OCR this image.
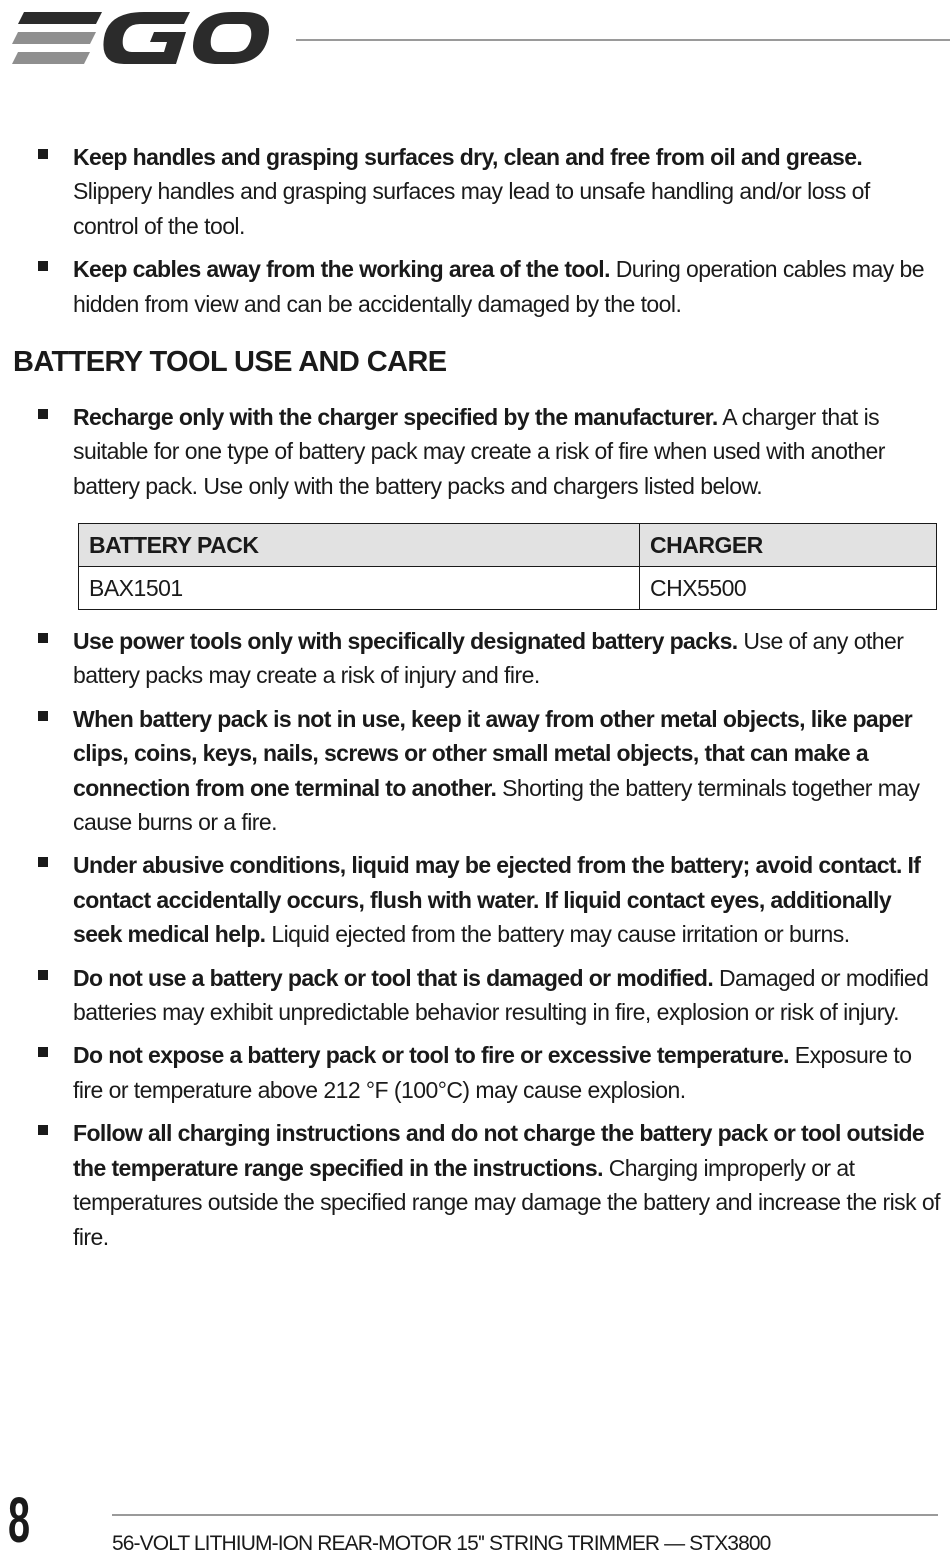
Keep handles and grasping surfaces dry, clean and free from oil and grease. Slippery handles and grasping surfaces may lead to unsafe handling and/or loss of control of the tool.
Keep cables away from the working area of the tool. During operation cables may be hidden from view and can be accidentally damaged by the tool.
BATTERY TOOL USE AND CARE
Recharge only with the charger specified by the manufacturer. A charger that is suitable for one type of battery pack may create a risk of fire when used with another battery pack. Use only with the battery packs and chargers listed below.
BATTERY PACK	CHARGER
BAX1501	CHX5500
Use power tools only with specifically designated battery packs. Use of any other battery packs may create a risk of injury and fire.
When battery pack is not in use, keep it away from other metal objects, like paper clips, coins, keys, nails, screws or other small metal objects, that can make a connection from one terminal to another. Shorting the battery terminals together may cause burns or a fire.
Under abusive conditions, liquid may be ejected from the battery; avoid contact. If contact accidentally occurs, flush with water. If liquid contact eyes, additionally seek medical help. Liquid ejected from the battery may cause irritation or burns.
Do not use a battery pack or tool that is damaged or modified. Damaged or modified batteries may exhibit unpredictable behavior resulting in fire, explosion or risk of injury.
Do not expose a battery pack or tool to fire or excessive temperature. Exposure to fire or temperature above 212 °F (100°C) may cause explosion.
Follow all charging instructions and do not charge the battery pack or tool outside the temperature range specified in the instructions. Charging improperly or at temperatures outside the specified range may damage the battery and increase the risk of fire.
8	56-VOLT LITHIUM-ION REAR-MOTOR 15'' STRING TRIMMER — STX3800
